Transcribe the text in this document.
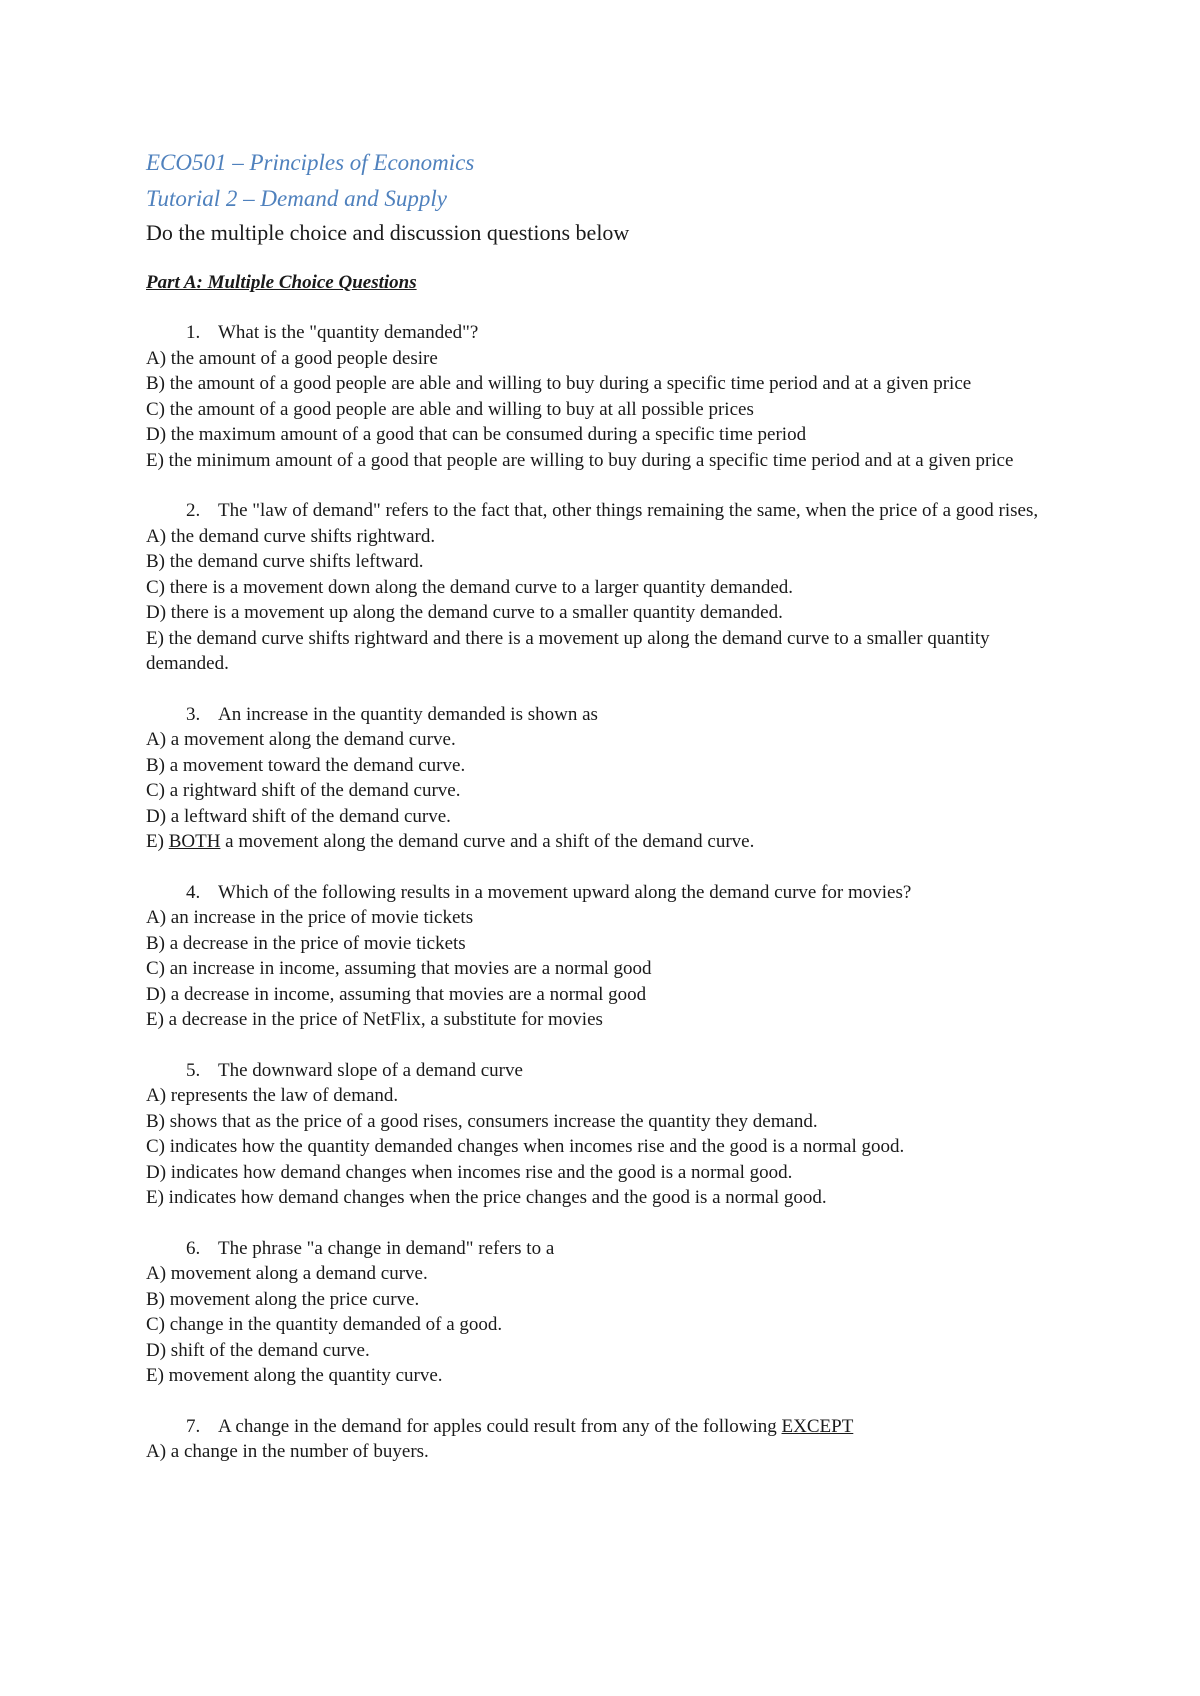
ECO501 – Principles of Economics
Tutorial 2 – Demand and Supply
Do the multiple choice and discussion questions below
Part A: Multiple Choice Questions
1. What is the "quantity demanded"?
A) the amount of a good people desire
B) the amount of a good people are able and willing to buy during a specific time period and at a given price
C) the amount of a good people are able and willing to buy at all possible prices
D) the maximum amount of a good that can be consumed during a specific time period
E) the minimum amount of a good that people are willing to buy during a specific time period and at a given price
2. The "law of demand" refers to the fact that, other things remaining the same, when the price of a good rises,
A) the demand curve shifts rightward.
B) the demand curve shifts leftward.
C) there is a movement down along the demand curve to a larger quantity demanded.
D) there is a movement up along the demand curve to a smaller quantity demanded.
E) the demand curve shifts rightward and there is a movement up along the demand curve to a smaller quantity demanded.
3. An increase in the quantity demanded is shown as
A) a movement along the demand curve.
B) a movement toward the demand curve.
C) a rightward shift of the demand curve.
D) a leftward shift of the demand curve.
E) BOTH a movement along the demand curve and a shift of the demand curve.
4. Which of the following results in a movement upward along the demand curve for movies?
A) an increase in the price of movie tickets
B) a decrease in the price of movie tickets
C) an increase in income, assuming that movies are a normal good
D) a decrease in income, assuming that movies are a normal good
E) a decrease in the price of NetFlix, a substitute for movies
5. The downward slope of a demand curve
A) represents the law of demand.
B) shows that as the price of a good rises, consumers increase the quantity they demand.
C) indicates how the quantity demanded changes when incomes rise and the good is a normal good.
D) indicates how demand changes when incomes rise and the good is a normal good.
E) indicates how demand changes when the price changes and the good is a normal good.
6. The phrase "a change in demand" refers to a
A) movement along a demand curve.
B) movement along the price curve.
C) change in the quantity demanded of a good.
D) shift of the demand curve.
E) movement along the quantity curve.
7. A change in the demand for apples could result from any of the following EXCEPT
A) a change in the number of buyers.
